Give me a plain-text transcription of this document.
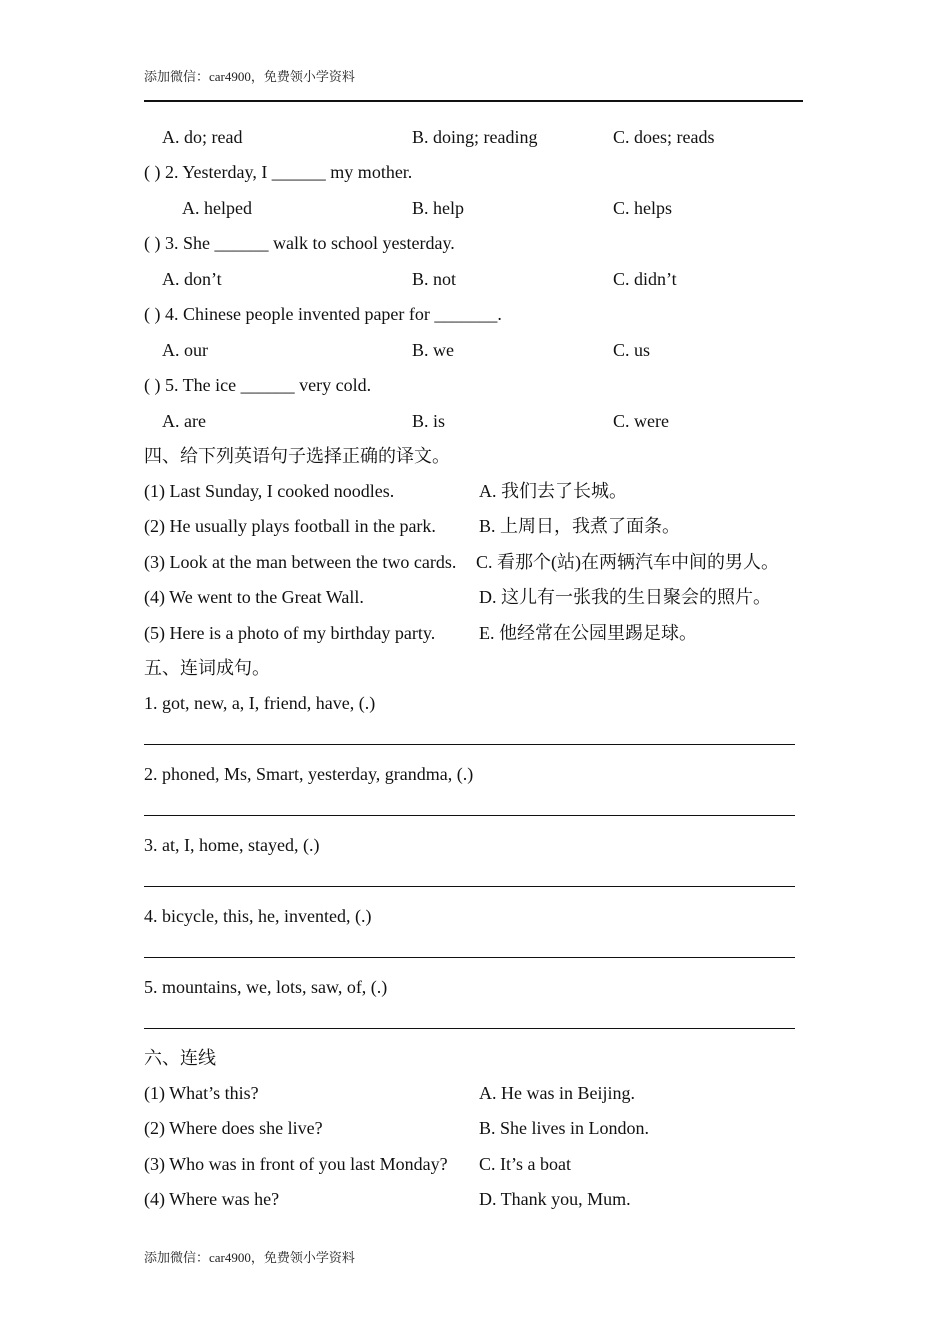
添加微信：car4900，免费领小学资料
A. do; read	B. doing; reading	C. does; reads
( ) 2. Yesterday, I ______ my mother.
A. helped	B. help	C. helps
( ) 3. She ______ walk to school yesterday.
A. don’t	B. not	C. didn’t
( ) 4. Chinese people invented paper for _______.
A. our	B. we	C. us
( ) 5. The ice ______ very cold.
A. are	B. is	C. were
四、给下列英语句子选择正确的译文。
(1) Last Sunday, I cooked noodles.	A. 我们去了长城。
(2) He usually plays football in the park. B. 上周日，我煮了面条。
(3) Look at the man between the two cards. C. 看那个(站)在两辆汽车中间的男人。
(4) We went to the Great Wall.	D. 这儿有一张我的生日聚会的照片。
(5) Here is a photo of my birthday party. E. 他经常在公园里踢足球。
五、连词成句。
1. got, new, a, I, friend, have, (.)
2. phoned, Ms, Smart, yesterday, grandma, (.)
3. at, I, home, stayed, (.)
4. bicycle, this, he, invented, (.)
5. mountains, we, lots, saw, of, (.)
六、连线
(1) What’s this?	A. He was in Beijing.
(2) Where does she live?	B. She lives in London.
(3) Who was in front of you last Monday? C. It’s a boat
(4) Where was he?	D. Thank you, Mum.
添加微信：car4900，免费领小学资料
